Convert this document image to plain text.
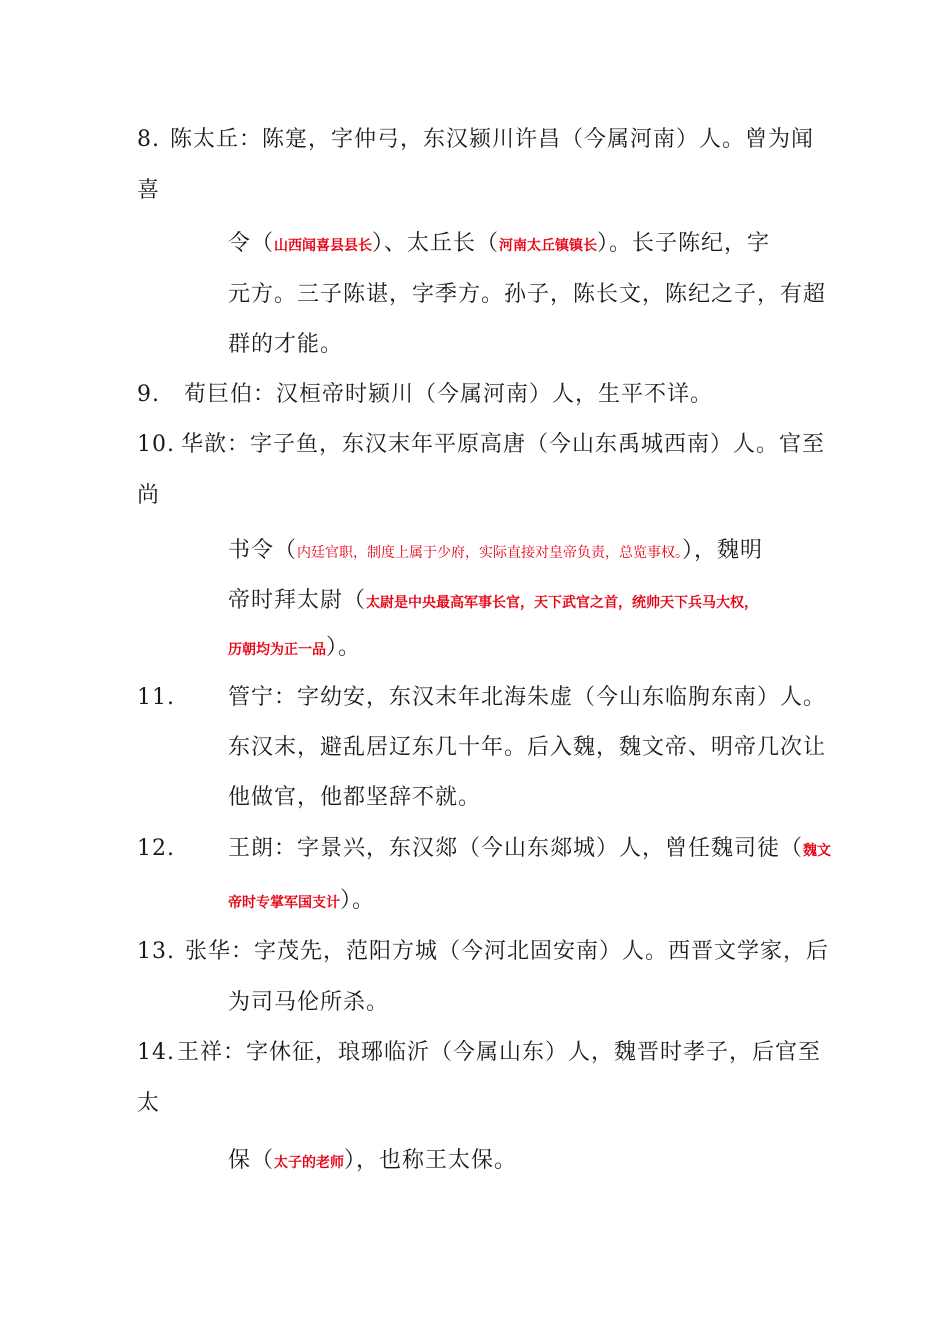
8. 陈太丘：陈寔，字仲弓，东汉颍川许昌（今属河南）人。曾为闻
喜
令（山西闻喜县县长）、太丘长（河南太丘镇镇长）。长子陈纪，字
元方。三子陈谌，字季方。孙子，陈长文，陈纪之子，有超
群的才能。
9. 荀巨伯：汉桓帝时颍川（今属河南）人，生平不详。
10. 华歆：字子鱼，东汉末年平原高唐（今山东禹城西南）人。官至
尚
书令（内廷官职，制度上属于少府，实际直接对皇帝负责，总览事权。），魏明
帝时拜太尉（太尉是中央最高军事长官，天下武官之首，统帅天下兵马大权，
历朝均为正一品）。
11. 管宁：字幼安，东汉末年北海朱虚（今山东临朐东南）人。
东汉末，避乱居辽东几十年。后入魏，魏文帝、明帝几次让
他做官，他都坚辞不就。
12. 王朗：字景兴，东汉郯（今山东郯城）人，曾任魏司徒（魏文
帝时专掌军国支计）。
13. 张华：字茂先，范阳方城（今河北固安南）人。西晋文学家，后
为司马伦所杀。
14.王祥：字休征，琅琊临沂（今属山东）人，魏晋时孝子，后官至
太
保（太子的老师），也称王太保。
